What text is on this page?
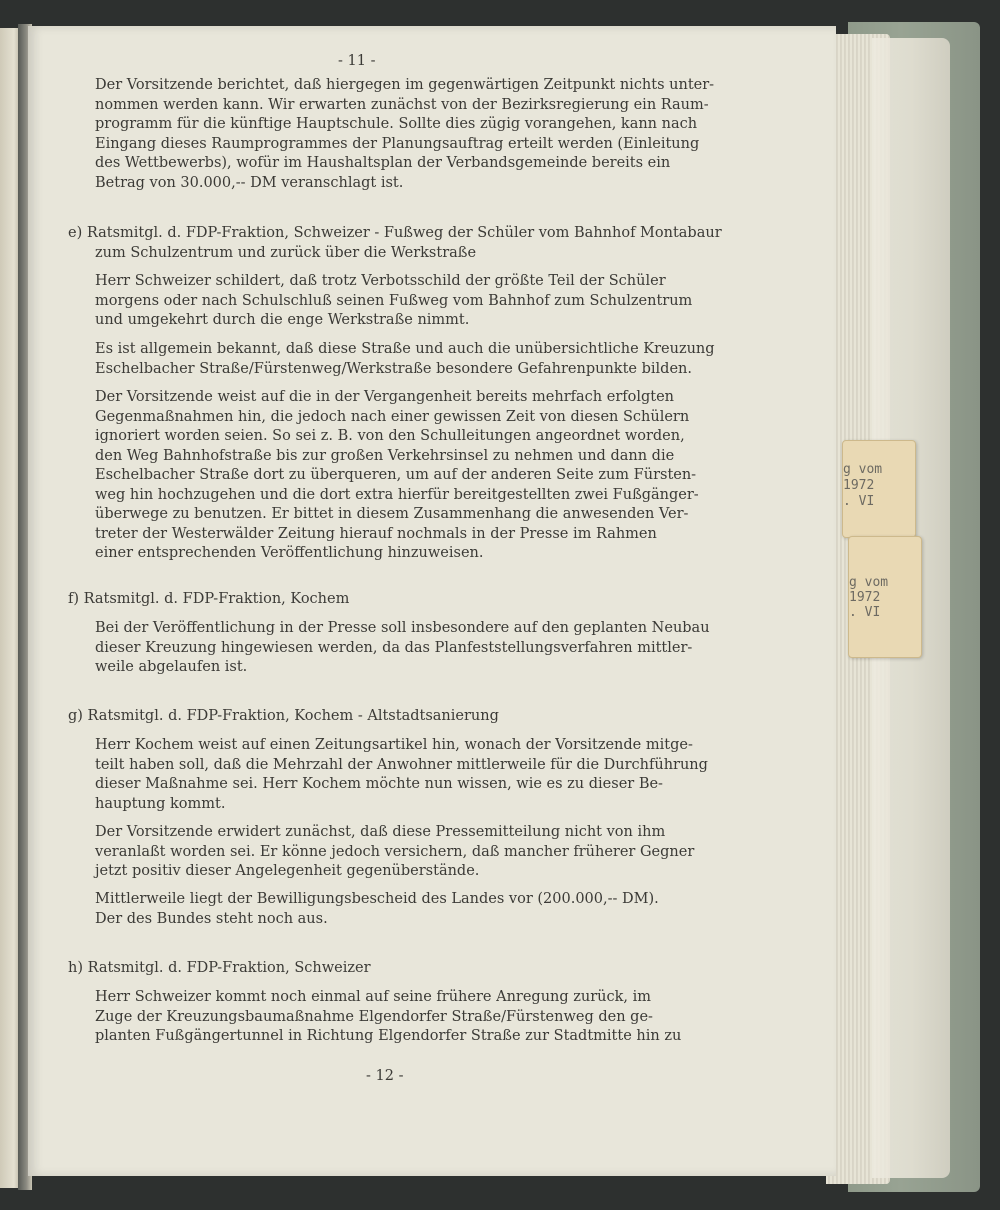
- 11 -
Der Vorsitzende berichtet, daß hiergegen im gegenwärtigen Zeitpunkt nichts unter-
nommen werden kann. Wir erwarten zunächst von der Bezirksregierung ein Raum-
programm für die künftige Hauptschule. Sollte dies zügig vorangehen, kann nach
Eingang dieses Raumprogrammes der Planungsauftrag erteilt werden (Einleitung
des Wettbewerbs), wofür im Haushaltsplan der Verbandsgemeinde bereits ein
Betrag von 30.000,-- DM veranschlagt ist.
e) Ratsmitgl. d. FDP-Fraktion, Schweizer - Fußweg der Schüler vom Bahnhof Montabaur
zum Schulzentrum und zurück über die Werkstraße
Herr Schweizer schildert, daß trotz Verbotsschild der größte Teil der Schüler
morgens oder nach Schulschluß seinen Fußweg vom Bahnhof zum Schulzentrum
und umgekehrt durch die enge Werkstraße nimmt.
Es ist allgemein bekannt, daß diese Straße und auch die unübersichtliche Kreuzung
Eschelbacher Straße/Fürstenweg/Werkstraße besondere Gefahrenpunkte bilden.
Der Vorsitzende weist auf die in der Vergangenheit bereits mehrfach erfolgten
Gegenmaßnahmen hin, die jedoch nach einer gewissen Zeit von diesen Schülern
ignoriert worden seien. So sei z. B. von den Schulleitungen angeordnet worden,
den Weg Bahnhofstraße bis zur großen Verkehrsinsel zu nehmen und dann die
Eschelbacher Straße dort zu überqueren, um auf der anderen Seite zum Fürsten-
weg hin hochzugehen und die dort extra hierfür bereitgestellten zwei Fußgänger-
überwege zu benutzen. Er bittet in diesem Zusammenhang die anwesenden Ver-
treter der Westerwälder Zeitung hierauf nochmals in der Presse im Rahmen
einer entsprechenden Veröffentlichung hinzuweisen.
f) Ratsmitgl. d. FDP-Fraktion, Kochem
Bei der Veröffentlichung in der Presse soll insbesondere auf den geplanten Neubau
dieser Kreuzung hingewiesen werden, da das Planfeststellungsverfahren mittler-
weile abgelaufen ist.
g) Ratsmitgl. d. FDP-Fraktion, Kochem - Altstadtsanierung
Herr Kochem weist auf einen Zeitungsartikel hin, wonach der Vorsitzende mitge-
teilt haben soll, daß die Mehrzahl der Anwohner mittlerweile für die Durchführung
dieser Maßnahme sei. Herr Kochem möchte nun wissen, wie es zu dieser Be-
hauptung kommt.
Der Vorsitzende erwidert zunächst, daß diese Pressemitteilung nicht von ihm
veranlaßt worden sei. Er könne jedoch versichern, daß mancher früherer Gegner
jetzt positiv dieser Angelegenheit gegenüberstände.
Mittlerweile liegt der Bewilligungsbescheid des Landes vor (200.000,-- DM).
Der des Bundes steht noch aus.
h) Ratsmitgl. d. FDP-Fraktion, Schweizer
Herr Schweizer kommt noch einmal auf seine frühere Anregung zurück, im
Zuge der Kreuzungsbaumaßnahme Elgendorfer Straße/Fürstenweg den ge-
planten Fußgängertunnel in Richtung Elgendorfer Straße zur Stadtmitte hin zu
- 12 -
g vom
1972
. VI
g vom
1972
. VI
